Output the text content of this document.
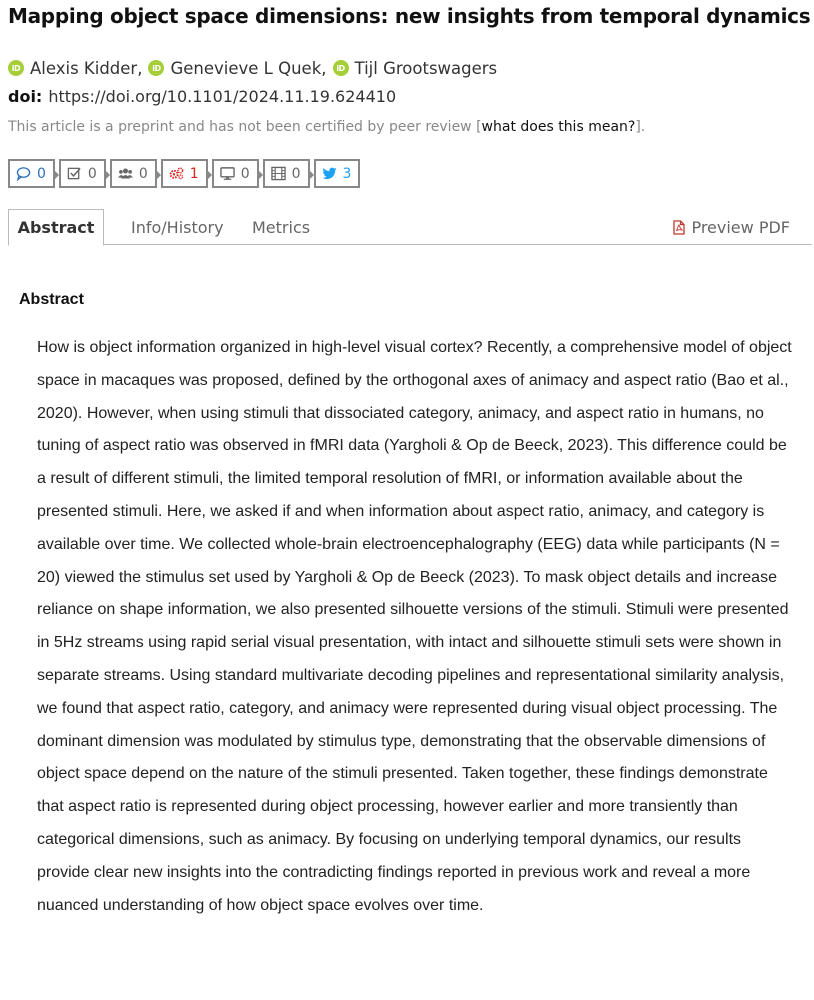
Mapping object space dimensions: new insights from temporal dynamics
iD Alexis Kidder,	iD Genevieve L Quek,	iD Tijl Grootswagers
doi: https://doi.org/10.1101/2024.11.19.624410
This article is a preprint and has not been certified by peer review [what does this mean?].
0	0	0	1	0	0	3
Abstract	Info/History Metrics	Preview PDF
Abstract

How is object information organized in high-level visual cortex? Recently, a comprehensive model of object space in macaques was proposed, defined by the orthogonal axes of animacy and aspect ratio (Bao et al., 2020). However, when using stimuli that dissociated category, animacy, and aspect ratio in humans, no tuning of aspect ratio was observed in fMRI data (Yargholi & Op de Beeck, 2023). This difference could be a result of different stimuli, the limited temporal resolution of fMRI, or information available about the presented stimuli. Here, we asked if and when information about aspect ratio, animacy, and category is available over time. We collected whole-brain electroencephalography (EEG) data while participants (N = 20) viewed the stimulus set used by Yargholi & Op de Beeck (2023). To mask object details and increase reliance on shape information, we also presented silhouette versions of the stimuli. Stimuli were presented in 5Hz streams using rapid serial visual presentation, with intact and silhouette stimuli sets were shown in separate streams. Using standard multivariate decoding pipelines and representational similarity analysis, we found that aspect ratio, category, and animacy were represented during visual object processing. The dominant dimension was modulated by stimulus type, demonstrating that the observable dimensions of object space depend on the nature of the stimuli presented. Taken together, these findings demonstrate that aspect ratio is represented during object processing, however earlier and more transiently than categorical dimensions, such as animacy. By focusing on underlying temporal dynamics, our results provide clear new insights into the contradicting findings reported in previous work and reveal a more nuanced understanding of how object space evolves over time.
